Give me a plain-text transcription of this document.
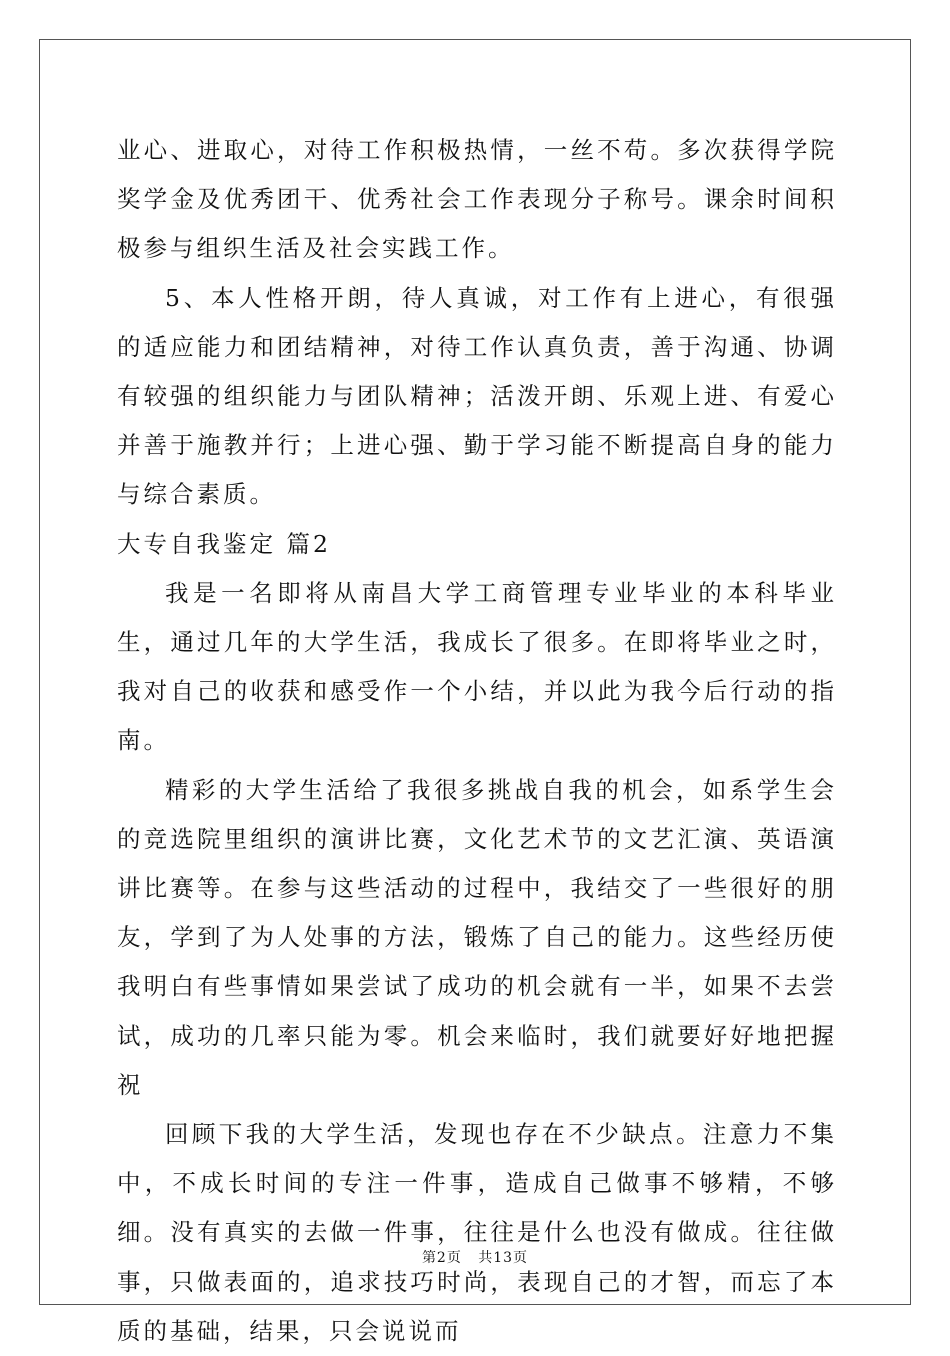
业心、进取心，对待工作积极热情，一丝不苟。多次获得学院奖学金及优秀团干、优秀社会工作表现分子称号。课余时间积极参与组织生活及社会实践工作。

5、本人性格开朗，待人真诚，对工作有上进心，有很强的适应能力和团结精神，对待工作认真负责，善于沟通、协调有较强的组织能力与团队精神；活泼开朗、乐观上进、有爱心并善于施教并行；上进心强、勤于学习能不断提高自身的能力与综合素质。

大专自我鉴定 篇2

我是一名即将从南昌大学工商管理专业毕业的本科毕业生，通过几年的大学生活，我成长了很多。在即将毕业之时，我对自己的收获和感受作一个小结，并以此为我今后行动的指南。

精彩的大学生活给了我很多挑战自我的机会，如系学生会的竞选院里组织的演讲比赛，文化艺术节的文艺汇演、英语演讲比赛等。在参与这些活动的过程中，我结交了一些很好的朋友，学到了为人处事的方法，锻炼了自己的能力。这些经历使我明白有些事情如果尝试了成功的机会就有一半，如果不去尝试，成功的几率只能为零。机会来临时，我们就要好好地把握祝

回顾下我的大学生活，发现也存在不少缺点。注意力不集中，不成长时间的专注一件事，造成自己做事不够精，不够细。没有真实的去做一件事，往往是什么也没有做成。往往做事，只做表面的，追求技巧时尚，表现自己的才智，而忘了本质的基础，结果，只会说说而

第2页 共13页
